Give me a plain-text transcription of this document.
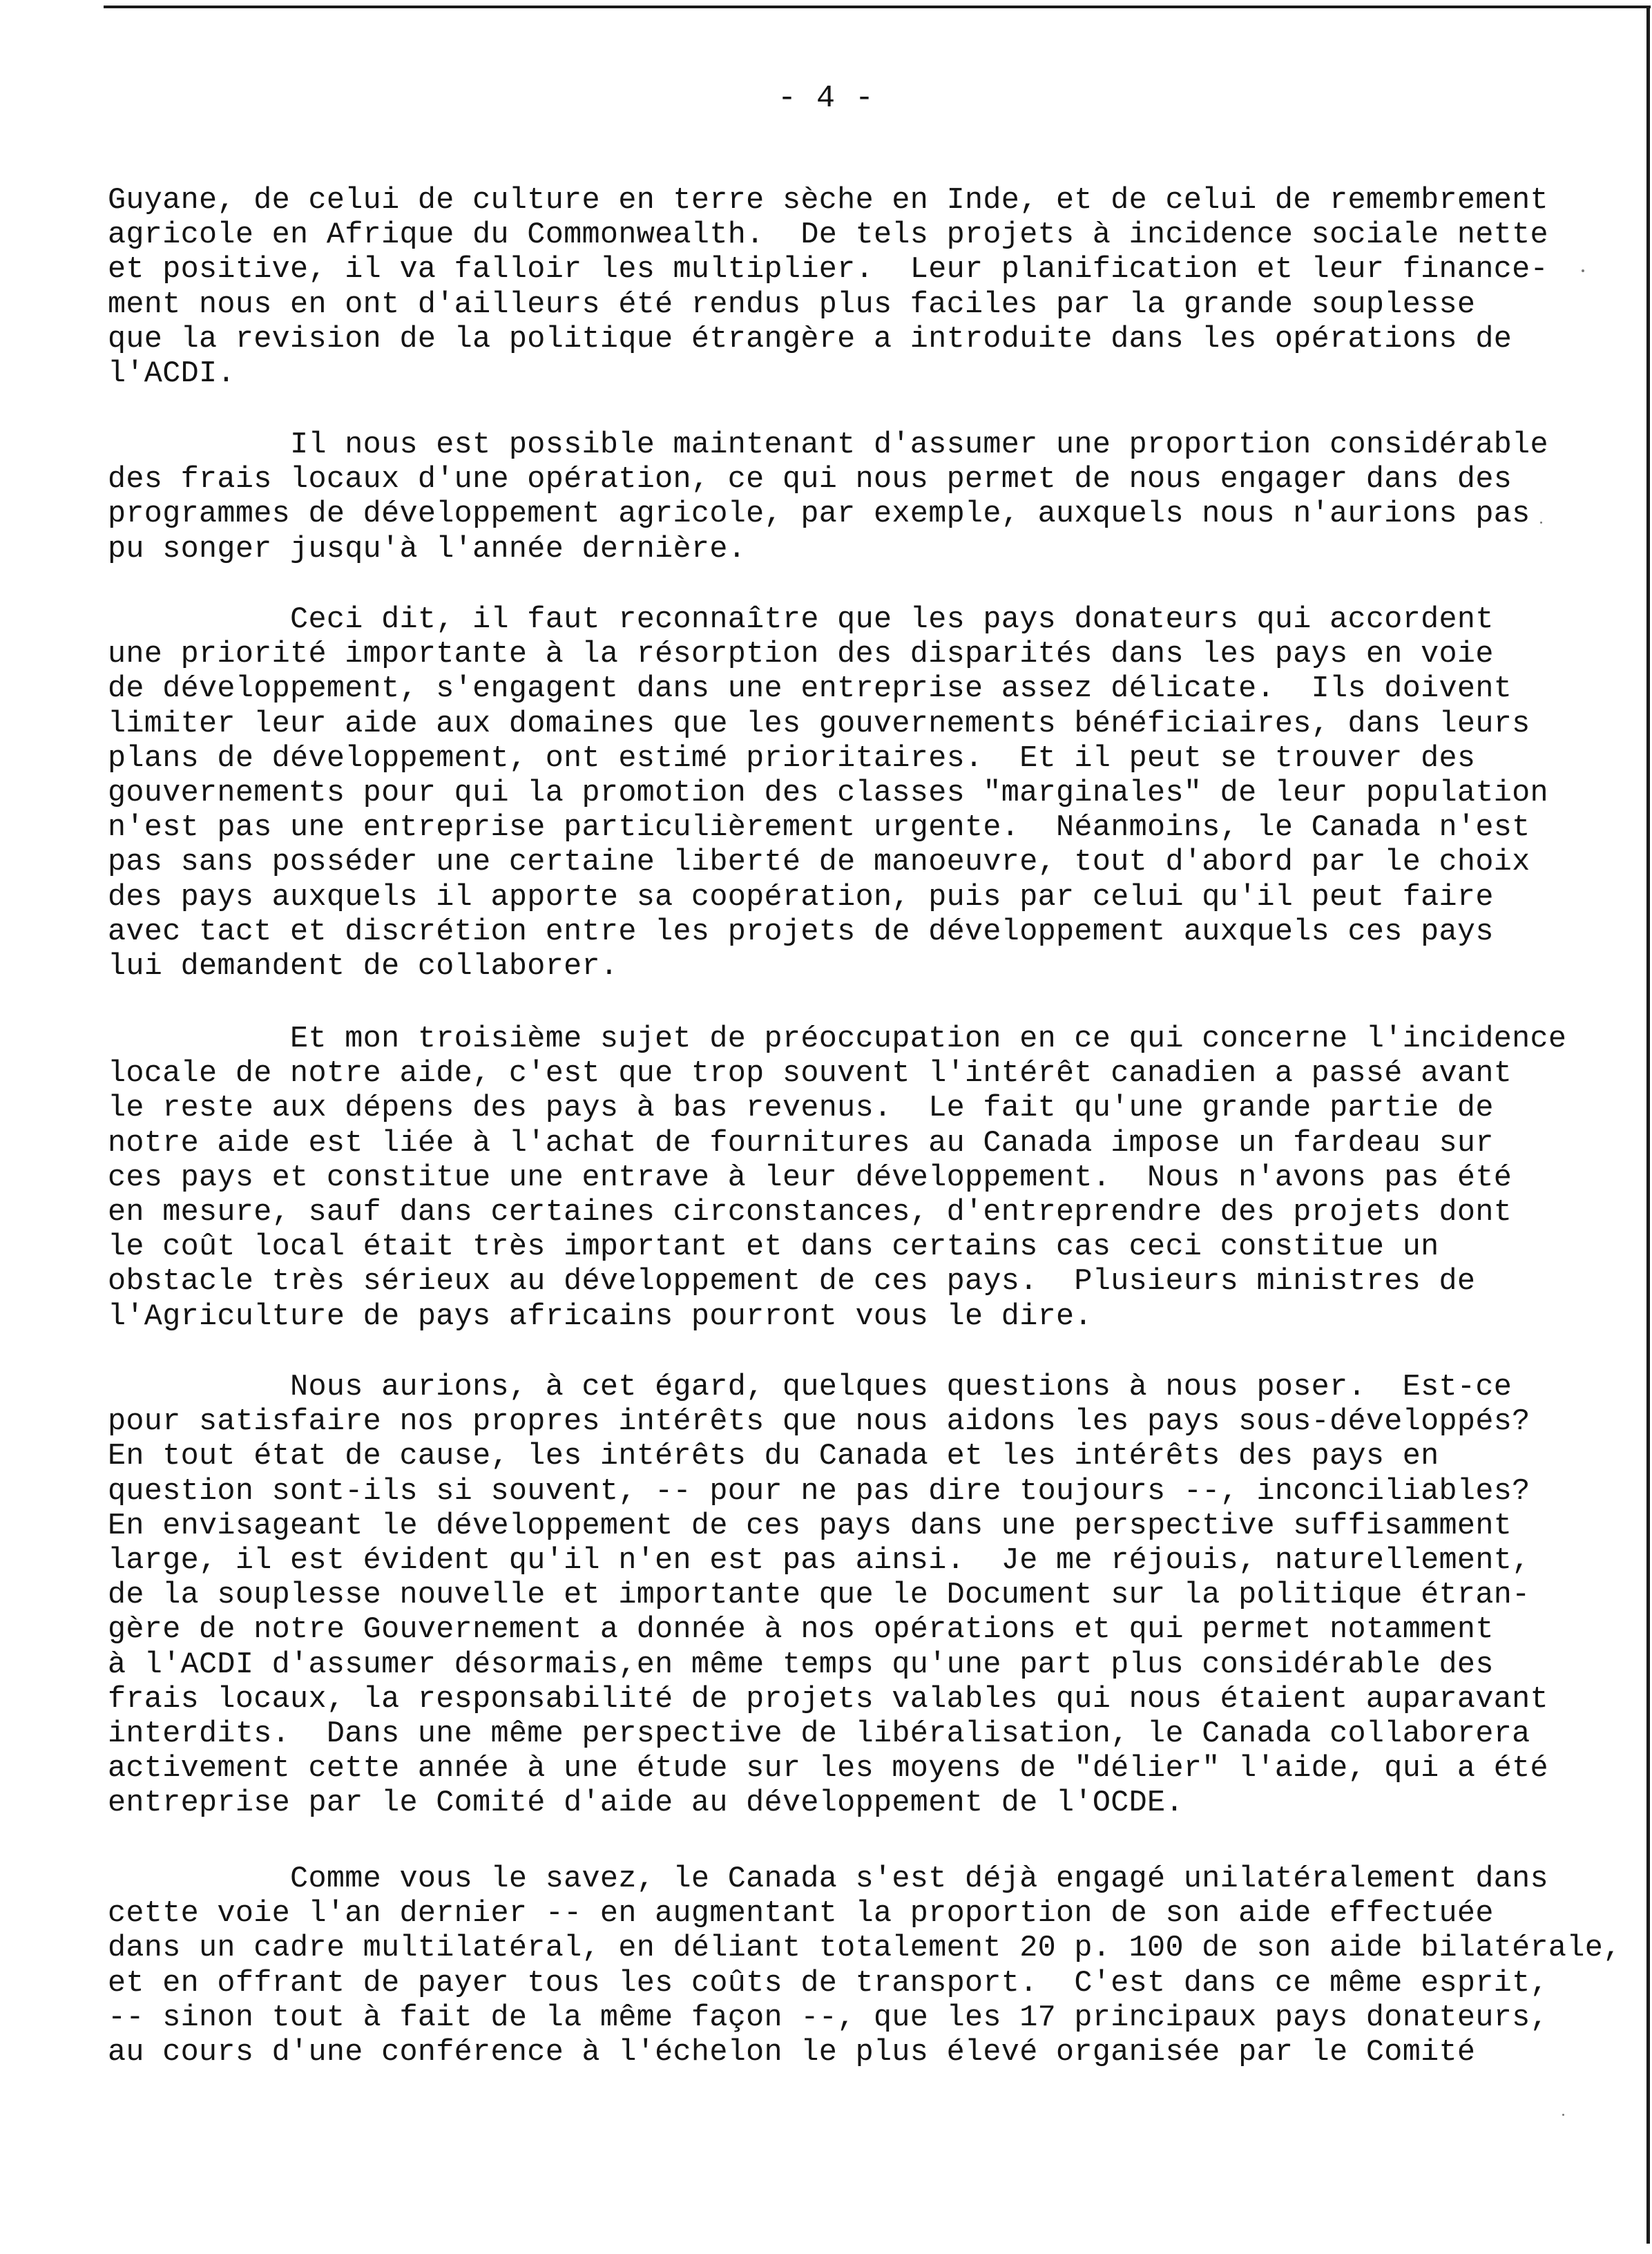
- 4 -
Guyane, de celui de culture en terre sèche en Inde, et de celui de remembrement
agricole en Afrique du Commonwealth.  De tels projets à incidence sociale nette
et positive, il va falloir les multiplier.  Leur planification et leur finance-
ment nous en ont d'ailleurs été rendus plus faciles par la grande souplesse
que la revision de la politique étrangère a introduite dans les opérations de
l'ACDI.
Il nous est possible maintenant d'assumer une proportion considérable
des frais locaux d'une opération, ce qui nous permet de nous engager dans des
programmes de développement agricole, par exemple, auxquels nous n'aurions pas
pu songer jusqu'à l'année dernière.
Ceci dit, il faut reconnaître que les pays donateurs qui accordent
une priorité importante à la résorption des disparités dans les pays en voie
de développement, s'engagent dans une entreprise assez délicate.  Ils doivent
limiter leur aide aux domaines que les gouvernements bénéficiaires, dans leurs
plans de développement, ont estimé prioritaires.  Et il peut se trouver des
gouvernements pour qui la promotion des classes "marginales" de leur population
n'est pas une entreprise particulièrement urgente.  Néanmoins, le Canada n'est
pas sans posséder une certaine liberté de manoeuvre, tout d'abord par le choix
des pays auxquels il apporte sa coopération, puis par celui qu'il peut faire
avec tact et discrétion entre les projets de développement auxquels ces pays
lui demandent de collaborer.
Et mon troisième sujet de préoccupation en ce qui concerne l'incidence
locale de notre aide, c'est que trop souvent l'intérêt canadien a passé avant
le reste aux dépens des pays à bas revenus.  Le fait qu'une grande partie de
notre aide est liée à l'achat de fournitures au Canada impose un fardeau sur
ces pays et constitue une entrave à leur développement.  Nous n'avons pas été
en mesure, sauf dans certaines circonstances, d'entreprendre des projets dont
le coût local était très important et dans certains cas ceci constitue un
obstacle très sérieux au développement de ces pays.  Plusieurs ministres de
l'Agriculture de pays africains pourront vous le dire.
Nous aurions, à cet égard, quelques questions à nous poser.  Est-ce
pour satisfaire nos propres intérêts que nous aidons les pays sous-développés?
En tout état de cause, les intérêts du Canada et les intérêts des pays en
question sont-ils si souvent, -- pour ne pas dire toujours --, inconciliables?
En envisageant le développement de ces pays dans une perspective suffisamment
large, il est évident qu'il n'en est pas ainsi.  Je me réjouis, naturellement,
de la souplesse nouvelle et importante que le Document sur la politique étran-
gère de notre Gouvernement a donnée à nos opérations et qui permet notamment
à l'ACDI d'assumer désormais,en même temps qu'une part plus considérable des
frais locaux, la responsabilité de projets valables qui nous étaient auparavant
interdits.  Dans une même perspective de libéralisation, le Canada collaborera
activement cette année à une étude sur les moyens de "délier" l'aide, qui a été
entreprise par le Comité d'aide au développement de l'OCDE.
Comme vous le savez, le Canada s'est déjà engagé unilatéralement dans
cette voie l'an dernier -- en augmentant la proportion de son aide effectuée
dans un cadre multilatéral, en déliant totalement 20 p. 100 de son aide bilatérale,
et en offrant de payer tous les coûts de transport.  C'est dans ce même esprit,
-- sinon tout à fait de la même façon --, que les 17 principaux pays donateurs,
au cours d'une conférence à l'échelon le plus élevé organisée par le Comité
